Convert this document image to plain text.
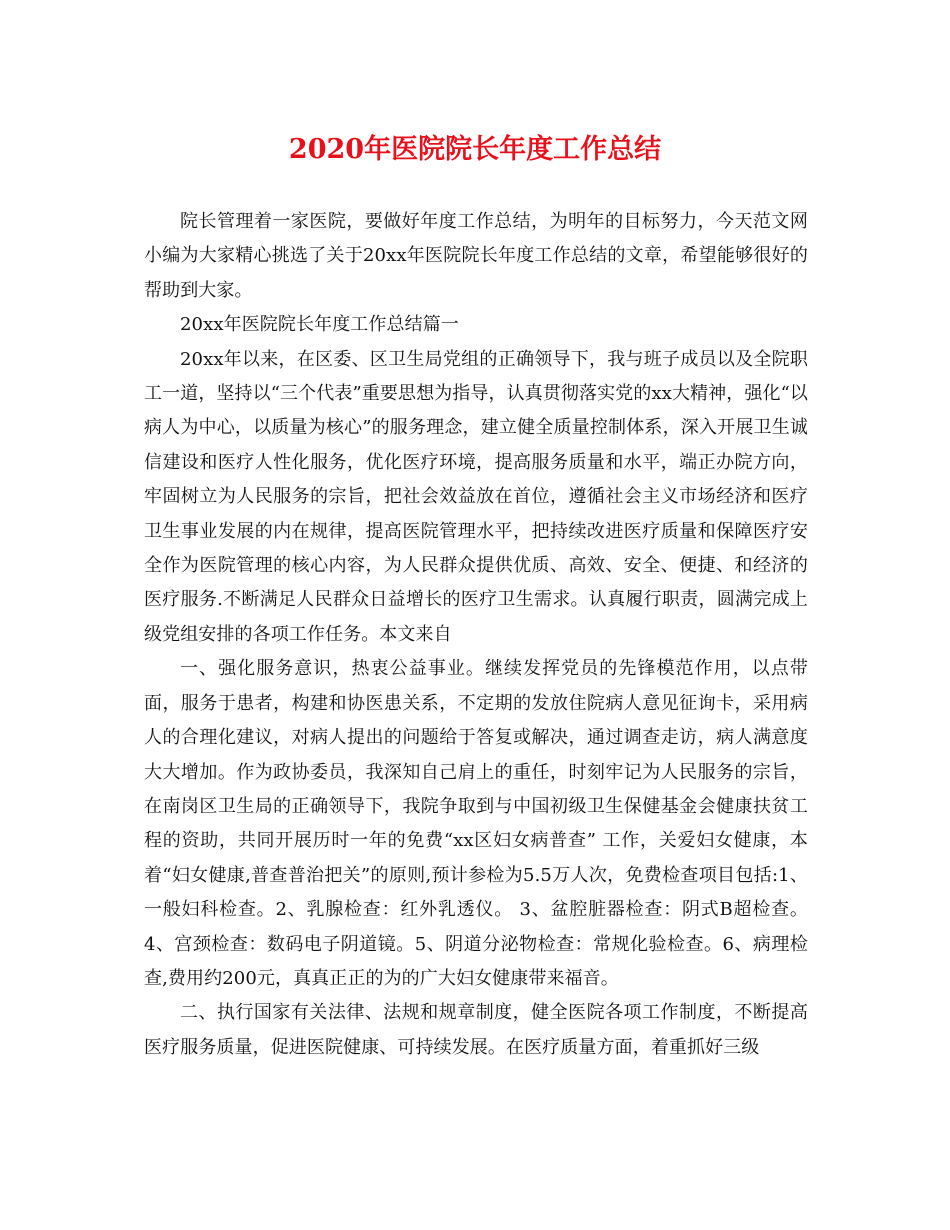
2020年医院院长年度工作总结

院长管理着一家医院，要做好年度工作总结，为明年的目标努力，今天范文网小编为大家精心挑选了关于20xx年医院院长年度工作总结的文章，希望能够很好的帮助到大家。

20xx年医院院长年度工作总结篇一

20xx年以来，在区委、区卫生局党组的正确领导下，我与班子成员以及全院职工一道，坚持以“三个代表”重要思想为指导，认真贯彻落实党的xx大精神，强化“以病人为中心，以质量为核心”的服务理念，建立健全质量控制体系，深入开展卫生诚信建设和医疗人性化服务，优化医疗环境，提高服务质量和水平，端正办院方向，牢固树立为人民服务的宗旨，把社会效益放在首位，遵循社会主义市场经济和医疗卫生事业发展的内在规律，提高医院管理水平，把持续改进医疗质量和保障医疗安全作为医院管理的核心内容，为人民群众提供优质、高效、安全、便捷、和经济的医疗服务.不断满足人民群众日益增长的医疗卫生需求。认真履行职责，圆满完成上级党组安排的各项工作任务。本文来自

一、强化服务意识，热衷公益事业。继续发挥党员的先锋模范作用，以点带面，服务于患者，构建和协医患关系，不定期的发放住院病人意见征询卡，采用病人的合理化建议，对病人提出的问题给于答复或解决，通过调查走访，病人满意度大大增加。作为政协委员，我深知自己肩上的重任，时刻牢记为人民服务的宗旨，在南岗区卫生局的正确领导下，我院争取到与中国初级卫生保健基金会健康扶贫工程的资助，共同开展历时一年的免费“xx区妇女病普查” 工作，关爱妇女健康，本着“妇女健康,普查普治把关”的原则,预计参检为5.5万人次，免费检查项目包括:1、一般妇科检查。2、乳腺检查：红外乳透仪。 3、盆腔脏器检查：阴式B超检查。4、宫颈检查：数码电子阴道镜。5、阴道分泌物检查：常规化验检查。6、病理检查,费用约200元，真真正正的为的广大妇女健康带来福音。

二、执行国家有关法律、法规和规章制度，健全医院各项工作制度，不断提高医疗服务质量，促进医院健康、可持续发展。在医疗质量方面，着重抓好三级
